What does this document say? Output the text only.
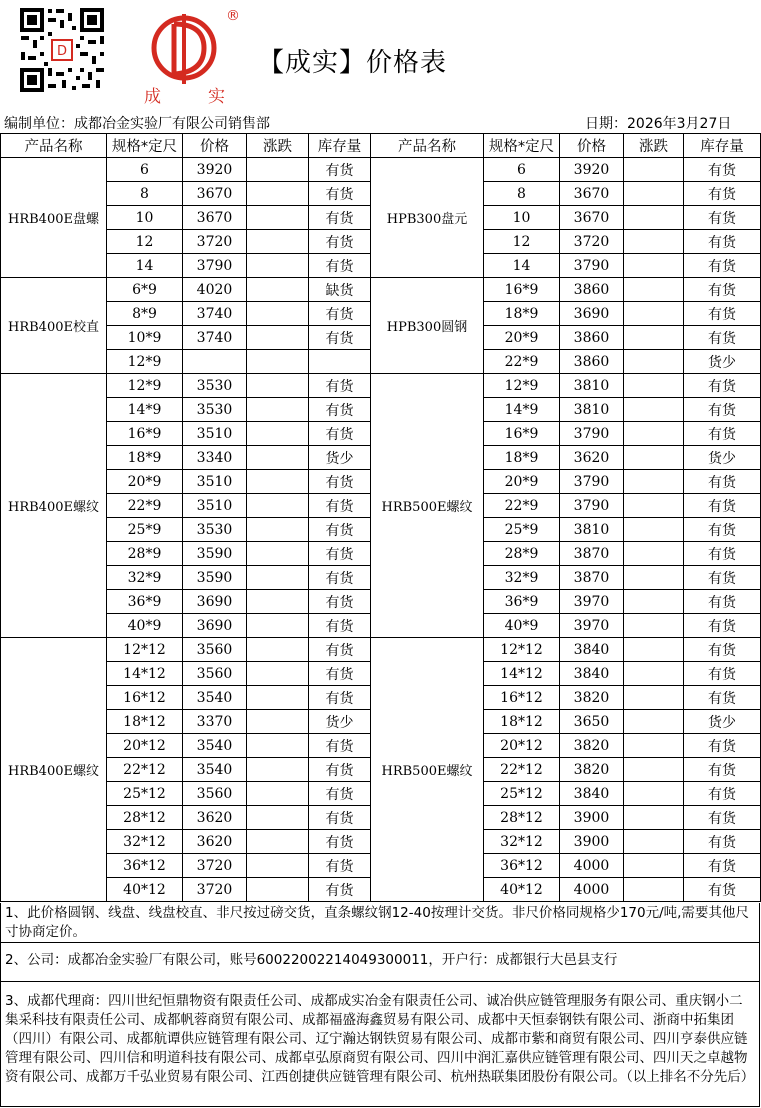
D
®
成	实
【成实】价格表
编制单位：成都冶金实验厂有限公司销售部	日期：2026年3月27日
产品名称	规格*定尺	价格	涨跌	库存量	产品名称	规格*定尺	价格	涨跌	库存量
HRB400E盘螺	6	3920		有货	HPB300盘元	6	3920		有货
	8	3670		有货		8	3670		有货
	10	3670		有货		10	3670		有货
	12	3720		有货		12	3720		有货
	14	3790		有货		14	3790		有货
HRB400E校直	6*9	4020		缺货	HPB300圆钢	16*9	3860		有货
	8*9	3740		有货		18*9	3690		有货
	10*9	3740		有货		20*9	3860		有货
	12*9					22*9	3860		货少
HRB400E螺纹	12*9	3530		有货	HRB500E螺纹	12*9	3810		有货
	14*9	3530		有货		14*9	3810		有货
	16*9	3510		有货		16*9	3790		有货
	18*9	3340		货少		18*9	3620		货少
	20*9	3510		有货		20*9	3790		有货
	22*9	3510		有货		22*9	3790		有货
	25*9	3530		有货		25*9	3810		有货
	28*9	3590		有货		28*9	3870		有货
	32*9	3590		有货		32*9	3870		有货
	36*9	3690		有货		36*9	3970		有货
	40*9	3690		有货		40*9	3970		有货
HRB400E螺纹	12*12	3560		有货	HRB500E螺纹	12*12	3840		有货
	14*12	3560		有货		14*12	3840		有货
	16*12	3540		有货		16*12	3820		有货
	18*12	3370		货少		18*12	3650		货少
	20*12	3540		有货		20*12	3820		有货
	22*12	3540		有货		22*12	3820		有货
	25*12	3560		有货		25*12	3840		有货
	28*12	3620		有货		28*12	3900		有货
	32*12	3620		有货		32*12	3900		有货
	36*12	3720		有货		36*12	4000		有货
	40*12	3720		有货		40*12	4000		有货
1、此价格圆钢、线盘、线盘校直、非尺按过磅交货，直条螺纹钢12-40按理计交货。非尺价格同规格少170元/吨,需要其他尺寸协商定价。
2、公司：成都冶金实验厂有限公司，账号60022002214049300011，开户行：成都银行大邑县支行
3、成都代理商：四川世纪恒鼎物资有限责任公司、成都成实冶金有限责任公司、诚冶供应链管理服务有限公司、重庆钢小二集采科技有限责任公司、成都帆蓉商贸有限公司、成都福盛海鑫贸易有限公司、成都中天恒泰钢铁有限公司、浙商中拓集团（四川）有限公司、成都航谭供应链管理有限公司、辽宁瀚达钢铁贸易有限公司、成都市紫和商贸有限公司、四川亨泰供应链管理有限公司、四川信和明道科技有限公司、成都卓弘原商贸有限公司、四川中润汇嘉供应链管理有限公司、四川天之卓越物资有限公司、成都万千弘业贸易有限公司、江西创捷供应链管理有限公司、杭州热联集团股份有限公司。（以上排名不分先后）
